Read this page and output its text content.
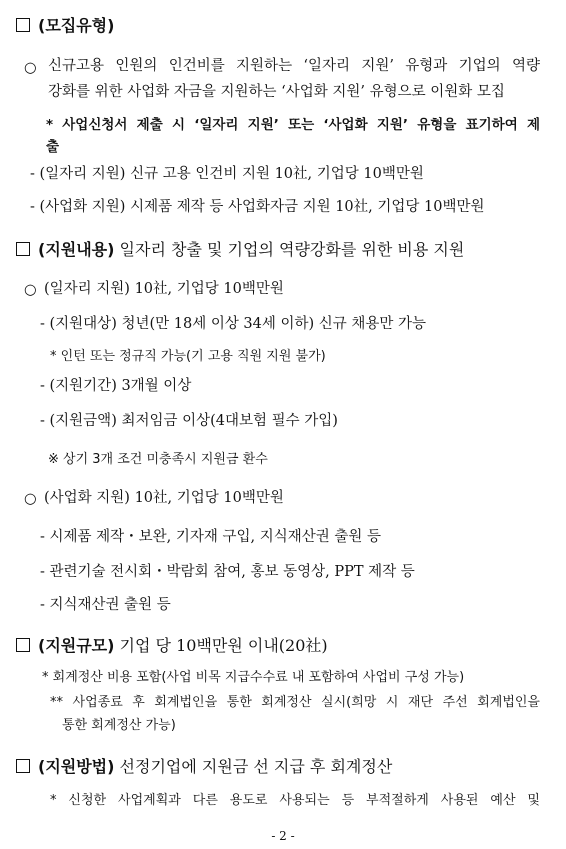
(모집유형)
○ 신규고용 인원의 인건비를 지원하는 ‘일자리 지원’ 유형과 기업의 역량
강화를 위한 사업화 자금을 지원하는 ‘사업화 지원’ 유형으로 이원화 모집
* 사업신청서 제출 시 ‘일자리 지원’ 또는 ‘사업화 지원’ 유형을 표기하여 제
출
- (일자리 지원) 신규 고용 인건비 지원 10社, 기업당 10백만원
- (사업화 지원) 시제품 제작 등 사업화자금 지원 10社, 기업당 10백만원
(지원내용) 일자리 창출 및 기업의 역량강화를 위한 비용 지원
○ (일자리 지원) 10社, 기업당 10백만원
- (지원대상) 청년(만 18세 이상 34세 이하) 신규 채용만 가능
* 인턴 또는 정규직 가능(기 고용 직원 지원 불가)
- (지원기간) 3개월 이상
- (지원금액) 최저임금 이상(4대보험 필수 가입)
※ 상기 3개 조건 미충족시 지원금 환수
○ (사업화 지원) 10社, 기업당 10백만원
- 시제품 제작・보완, 기자재 구입, 지식재산권 출원 등
- 관련기술 전시회・박람회 참여, 홍보 동영상, PPT 제작 등
- 지식재산권 출원 등
(지원규모) 기업 당 10백만원 이내(20社)
* 회계정산 비용 포함(사업 비목 지급수수료 내 포함하여 사업비 구성 가능)
** 사업종료 후 회계법인을 통한 회계정산 실시(희망 시 재단 주선 회계법인을
통한 회계정산 가능)
(지원방법) 선정기업에 지원금 선 지급 후 회계정산
* 신청한 사업계획과 다른 용도로 사용되는 등 부적절하게 사용된 예산 및
- 2 -
